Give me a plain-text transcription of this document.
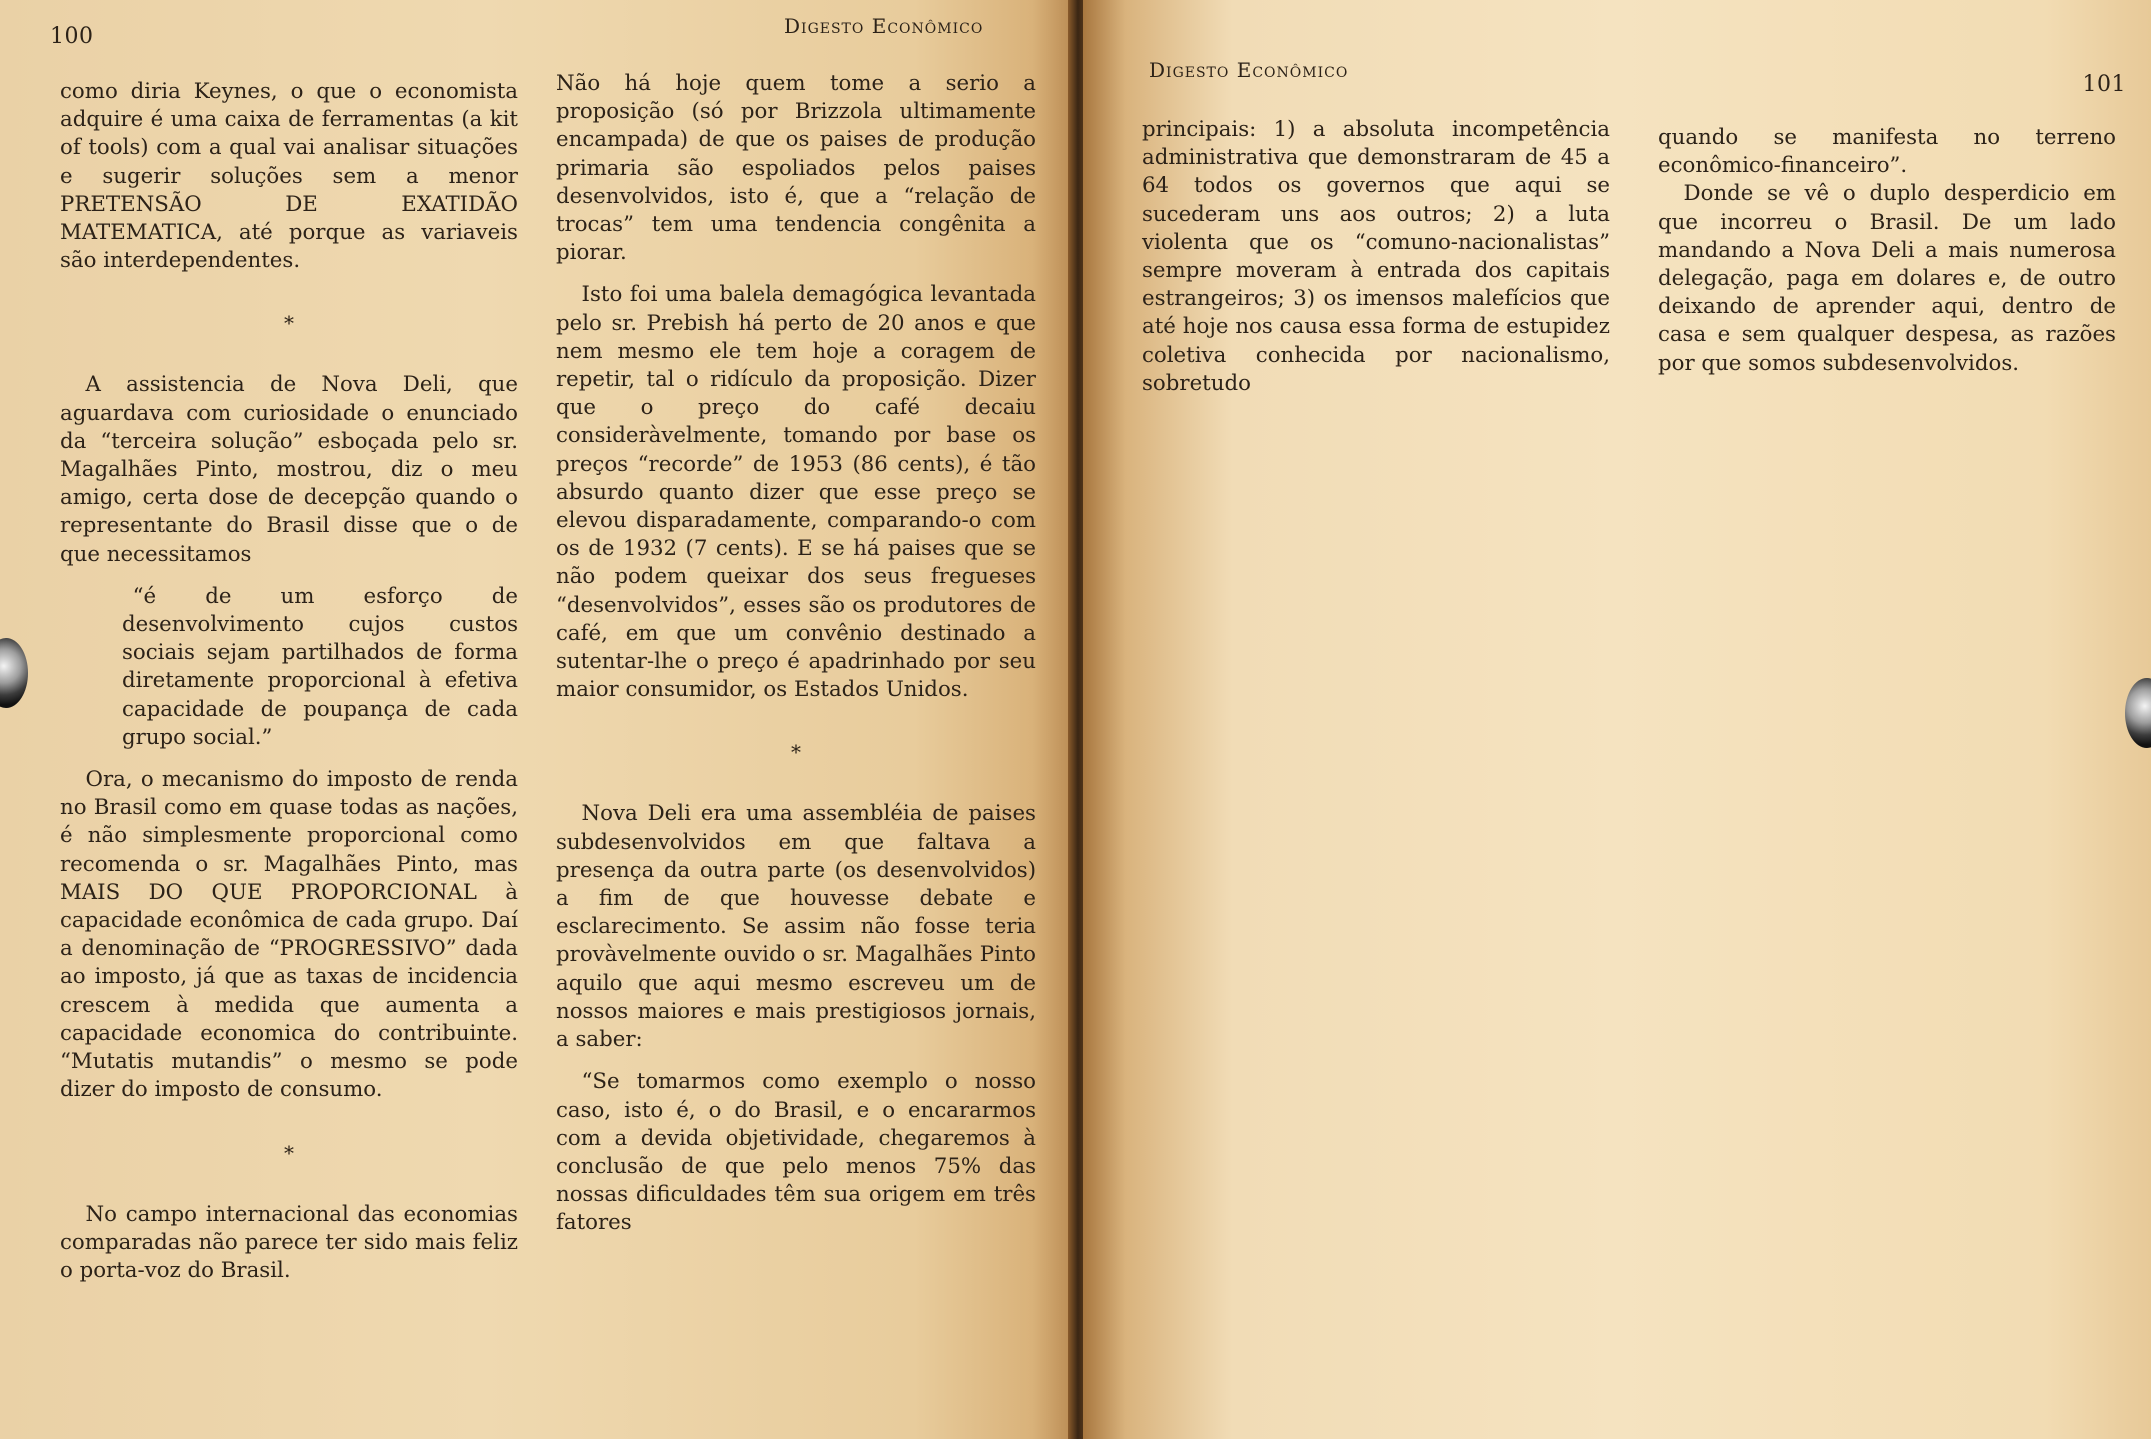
100	Digesto Econômico

como diria Keynes, o que o economista adquire é uma caixa de ferramentas (a kit of tools) com a qual vai analisar situações e sugerir soluções sem a menor PRETENSÃO DE EXATIDÃO MATEMATICA, até porque as variaveis são interdependentes.

*

A assistencia de Nova Deli, que aguardava com curiosidade o enunciado da “terceira solução” esboçada pelo sr. Magalhães Pinto, mostrou, diz o meu amigo, certa dose de decepção quando o representante do Brasil disse que o de que necessitamos

“é de um esforço de desenvolvimento cujos custos sociais sejam partilhados de forma diretamente proporcional à efetiva capacidade de poupança de cada grupo social.”

Ora, o mecanismo do imposto de renda no Brasil como em quase todas as nações, é não simplesmente proporcional como recomenda o sr. Magalhães Pinto, mas MAIS DO QUE PROPORCIONAL à capacidade econômica de cada grupo. Daí a denominação de “PROGRESSIVO” dada ao imposto, já que as taxas de incidencia crescem à medida que aumenta a capacidade economica do contribuinte. “Mutatis mutandis” o mesmo se pode dizer do imposto de consumo.

*

No campo internacional das economias comparadas não parece ter sido mais feliz o porta-voz do Brasil.

Não há hoje quem tome a serio a proposição (só por Brizzola ultimamente encampada) de que os paises de produção primaria são espoliados pelos paises desenvolvidos, isto é, que a “relação de trocas” tem uma tendencia congênita a piorar.

Isto foi uma balela demagógica levantada pelo sr. Prebish há perto de 20 anos e que nem mesmo ele tem hoje a coragem de repetir, tal o ridículo da proposição. Dizer que o preço do café decaiu consideràvelmente, tomando por base os preços “recorde” de 1953 (86 cents), é tão absurdo quanto dizer que esse preço se elevou disparadamente, comparando-o com os de 1932 (7 cents). E se há paises que se não podem queixar dos seus fregueses “desenvolvidos”, esses são os produtores de café, em que um convênio destinado a sutentar-lhe o preço é apadrinhado por seu maior consumidor, os Estados Unidos.

*

Nova Deli era uma assembléia de paises subdesenvolvidos em que faltava a presença da outra parte (os desenvolvidos) a fim de que houvesse debate e esclarecimento. Se assim não fosse teria provàvelmente ouvido o sr. Magalhães Pinto aquilo que aqui mesmo escreveu um de nossos maiores e mais prestigiosos jornais, a saber:

“Se tomarmos como exemplo o nosso caso, isto é, o do Brasil, e o encararmos com a devida objetividade, chegaremos à conclusão de que pelo menos 75% das nossas dificuldades têm sua origem em três fatores

Digesto Econômico
101

principais: 1) a absoluta incompetência administrativa que demonstraram de 45 a 64 todos os governos que aqui se sucederam uns aos outros; 2) a luta violenta que os “comuno-nacionalistas” sempre moveram à entrada dos capitais estrangeiros; 3) os imensos malefícios que até hoje nos causa essa forma de estupidez coletiva conhecida por nacionalismo, sobretudo

quando se manifesta no terreno econômico-financeiro”.

Donde se vê o duplo desperdicio em que incorreu o Brasil. De um lado mandando a Nova Deli a mais numerosa delegação, paga em dolares e, de outro deixando de aprender aqui, dentro de casa e sem qualquer despesa, as razões por que somos subdesenvolvidos.
